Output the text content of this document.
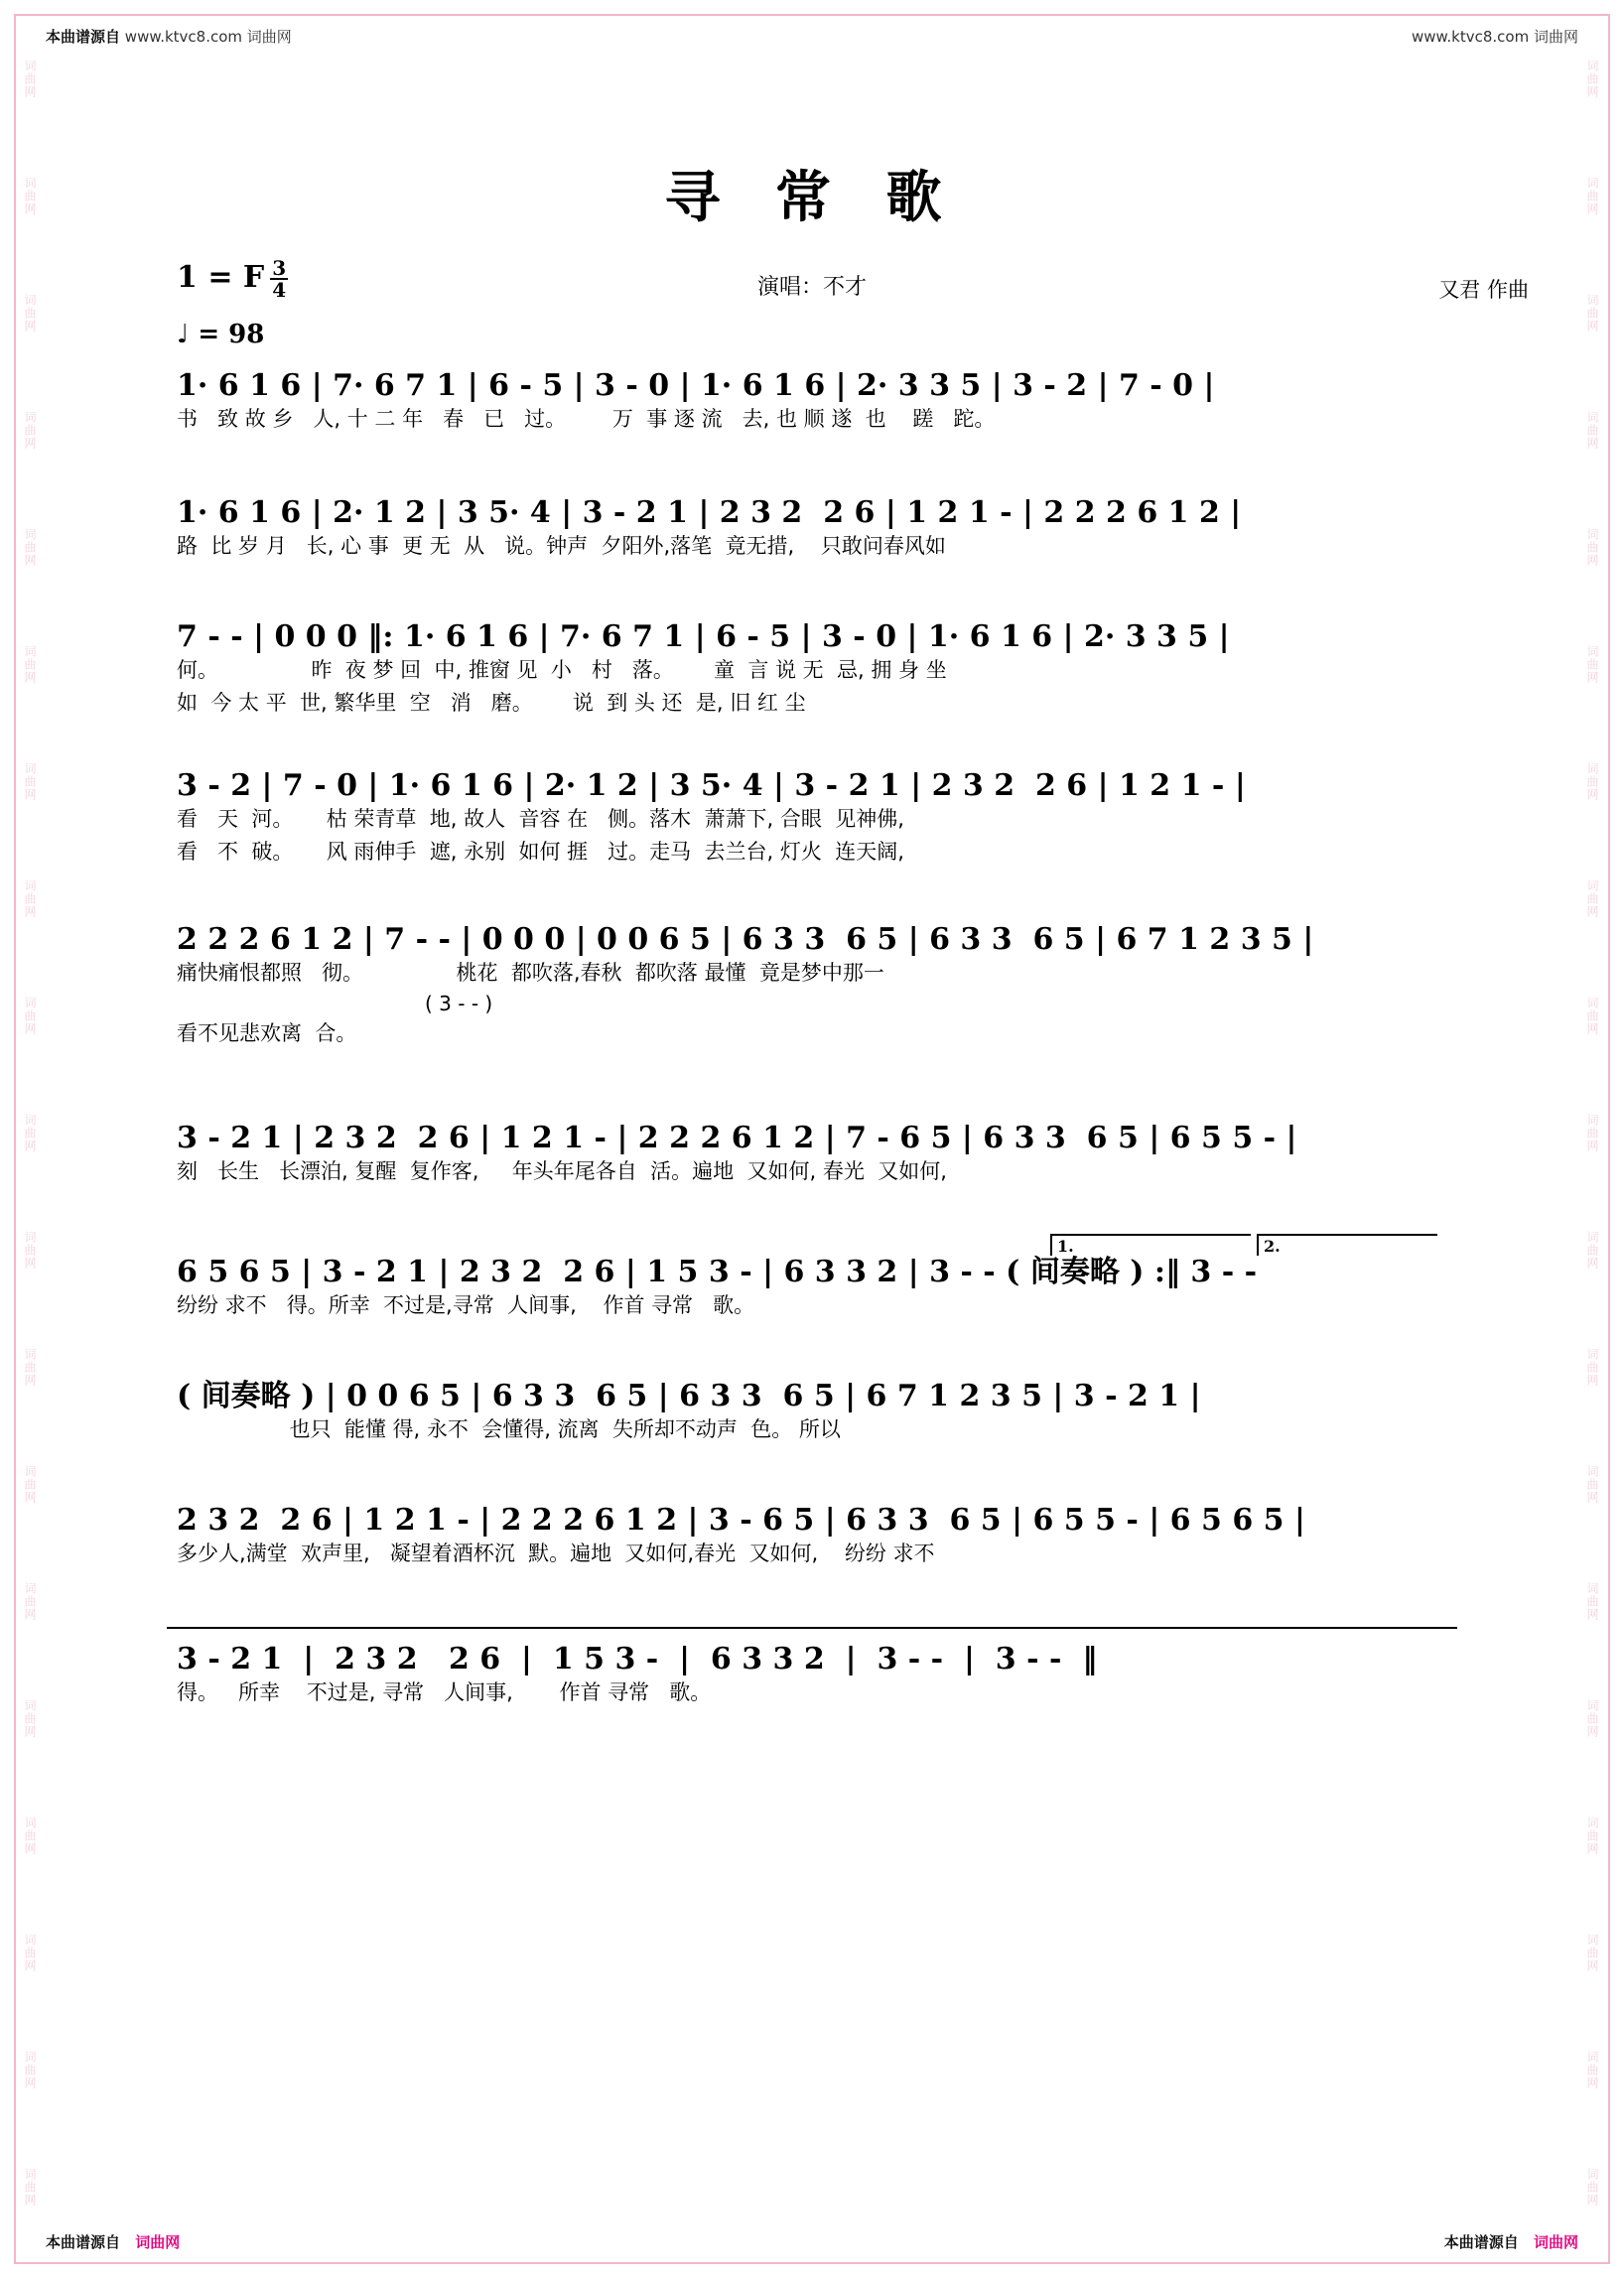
本曲谱源自 www.ktvc8.com 词曲网	www.ktvc8.com 词曲网
寻 常 歌
演唱：不才	又君 作曲
1 = F $\frac{3}{4}$
♩ = 98
1· 6 1 6 | 7· 6 7 1 | 6 - 5 | 3 - 0 | 1· 6 1 6 | 2· 3 3 5 | 3 - 2 | 7 - 0 |
书   致 故 乡   人, 十 二 年   春   已   过。       万  事 逐 流   去, 也 顺 遂  也    蹉   跎。
1· 6 1 6 | 2· 1 2 | 3 5· 4 | 3 - 2 1 | 2 3 2  2 6 | 1 2 1 - | 2 2 2 6 1 2 |
路  比 岁 月   长, 心 事  更 无  从   说。钟声  夕阳外,落笔  竟无措,    只敢问春风如
7 - - | 0 0 0 ‖: 1· 6 1 6 | 7· 6 7 1 | 6 - 5 | 3 - 0 | 1· 6 1 6 | 2· 3 3 5 |
何。              昨  夜 梦 回  中, 推窗 见  小   村   落。      童  言 说 无  忌, 拥 身 坐
如  今 太 平  世, 繁华里  空   消   磨。      说  到 头 还  是, 旧 红 尘
3 - 2 | 7 - 0 | 1· 6 1 6 | 2· 1 2 | 3 5· 4 | 3 - 2 1 | 2 3 2  2 6 | 1 2 1 - |
看   天  河。     枯 荣青草  地, 故人  音容 在   侧。落木  萧萧下, 合眼  见神佛,
看   不  破。     风 雨伸手  遮, 永别  如何 捱   过。走马  去兰台, 灯火  连天阔,
2 2 2 6 1 2 | 7 - - | 0 0 0 | 0 0 6 5 | 6 3 3  6 5 | 6 3 3  6 5 | 6 7 1 2 3 5 |
痛快痛恨都照   彻。              桃花  都吹落,春秋  都吹落 最懂  竟是梦中那一
( 3 - - )
看不见悲欢离  合。
3 - 2 1 | 2 3 2  2 6 | 1 2 1 - | 2 2 2 6 1 2 | 7 - 6 5 | 6 3 3  6 5 | 6 5 5 - |
刻   长生   长漂泊, 复醒  复作客,     年头年尾各自  活。遍地  又如何, 春光  又如何,
1.	2.
6 5 6 5 | 3 - 2 1 | 2 3 2  2 6 | 1 5 3 - | 6 3 3 2 | 3 - - ( 间奏略 ) :‖ 3 - -
纷纷 求不   得。所幸  不过是,寻常  人间事,    作首 寻常   歌。
( 间奏略 ) | 0 0 6 5 | 6 3 3  6 5 | 6 3 3  6 5 | 6 7 1 2 3 5 | 3 - 2 1 |
也只  能懂 得, 永不  会懂得, 流离  失所却不动声  色。 所以
2 3 2  2 6 | 1 2 1 - | 2 2 2 6 1 2 | 3 - 6 5 | 6 3 3  6 5 | 6 5 5 - | 6 5 6 5 |
多少人,满堂  欢声里,   凝望着酒杯沉  默。遍地  又如何,春光  又如何,    纷纷 求不
3 - 2 1  |  2 3 2   2 6  |  1 5 3 -  |  6 3 3 2  |  3 - -  |  3 - -  ‖
得。   所幸    不过是, 寻常   人间事,       作首 寻常   歌。
本曲谱源自 词曲网	本曲谱源自 词曲网
词曲网
词曲网
词曲网
词曲网
词曲网
词曲网
词曲网
词曲网
词曲网
词曲网
词曲网
词曲网
词曲网
词曲网
词曲网
词曲网
词曲网
词曲网
词曲网
词曲网
词曲网
词曲网
词曲网
词曲网
词曲网
词曲网
词曲网
词曲网
词曲网
词曲网
词曲网
词曲网
词曲网
词曲网
词曲网
词曲网
词曲网
词曲网
